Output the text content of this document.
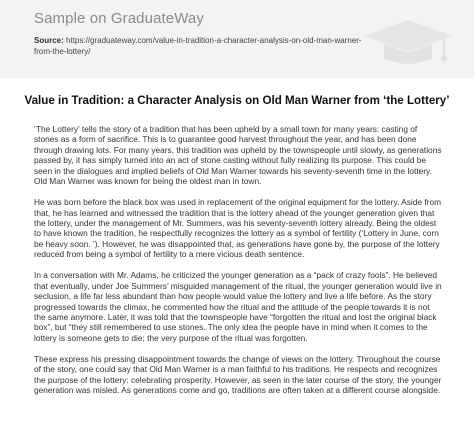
Sample on GraduateWay
Source: https://graduateway.com/value-in-tradition-a-character-analysis-on-old-man-warner-from-the-lottery/
Value in Tradition: a Character Analysis on Old Man Warner from ‘the Lottery’

‘The Lottery’ tells the story of a tradition that has been upheld by a small town for many years: casting of stones as a form of sacrifice. This is to guarantee good harvest throughout the year, and has been done through drawing lots. For many years, this tradition was upheld by the townspeople until slowly, as generations passed by, it has simply turned into an act of stone casting without fully realizing its purpose. This could be seen in the dialogues and implied beliefs of Old Man Warner towards his seventy-seventh time in the lottery. Old Man Warner was known for being the oldest man in town.

He was born before the black box was used in replacement of the original equipment for the lottery. Aside from that, he has learned and witnessed the tradition that is the lottery ahead of the younger generation given that the lottery, under the management of Mr. Summers, was his seventy-seventh lottery already. Being the oldest to have known the tradition, he respectfully recognizes the lottery as a symbol of fertility (‘Lottery in June, corn be heavy soon. ’). However, he was disappointed that, as generations have gone by, the purpose of the lottery reduced from being a symbol of fertility to a mere vicious death sentence.

In a conversation with Mr. Adams, he criticized the younger generation as a “pack of crazy fools”. He believed that eventually, under Joe Summers’ misguided management of the ritual, the younger generation would live in seclusion, a life far less abundant than how people would value the lottery and live a life before. As the story progressed towards the climax, he commented how the ritual and the attitude of the people towards it is not the same anymore. Later, it was told that the townspeople have “forgotten the ritual and lost the original black box”, but “they still remembered to use stones. The only idea the people have in mind when it comes to the lottery is someone gets to die; the very purpose of the ritual was forgotten.

These express his pressing disappointment towards the change of views on the lottery. Throughout the course of the story, one could say that Old Man Warner is a man faithful to his traditions. He respects and recognizes the purpose of the lottery: celebrating prosperity. However, as seen in the later course of the story, the younger generation was misled. As generations come and go, traditions are often taken at a different course alongside.
